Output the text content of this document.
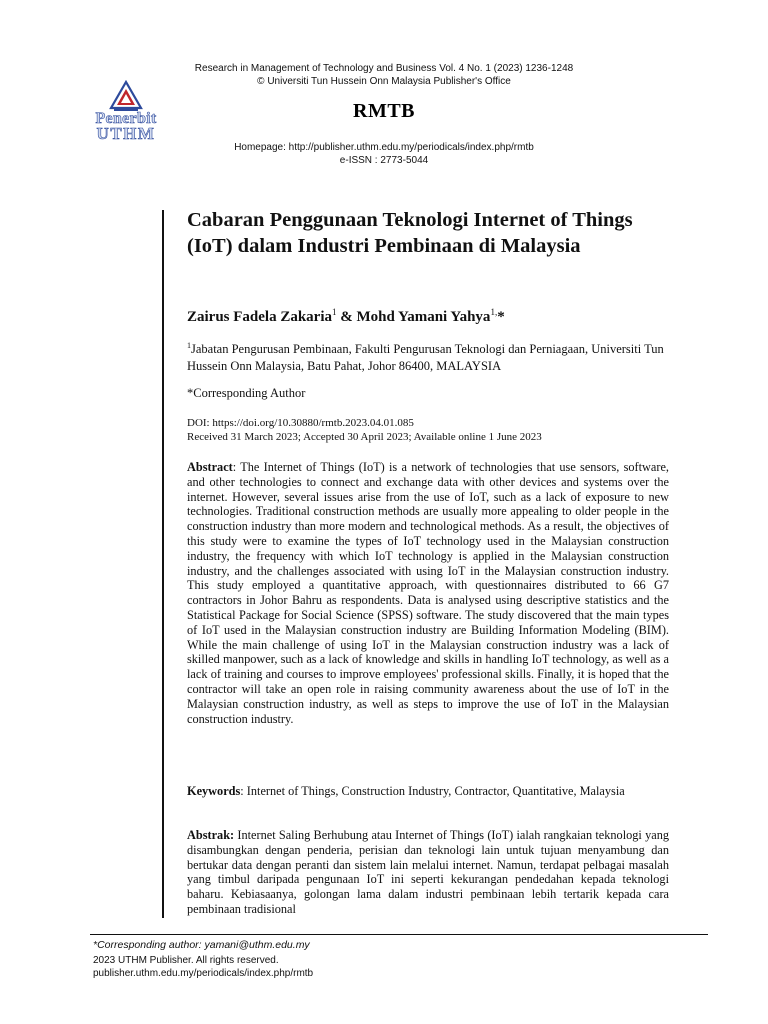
Research in Management of Technology and Business Vol. 4 No. 1 (2023) 1236-1248
© Universiti Tun Hussein Onn Malaysia Publisher's Office
Penerbit
UTHM
RMTB
Homepage: http://publisher.uthm.edu.my/periodicals/index.php/rmtb
e-ISSN : 2773-5044
Cabaran Penggunaan Teknologi Internet of Things (IoT) dalam Industri Pembinaan di Malaysia
Zairus Fadela Zakaria$^1$ & Mohd Yamani Yahya$^{1,}$*
$^1$Jabatan Pengurusan Pembinaan, Fakulti Pengurusan Teknologi dan Perniagaan, Universiti Tun Hussein Onn Malaysia, Batu Pahat, Johor 86400, MALAYSIA
*Corresponding Author
DOI: https://doi.org/10.30880/rmtb.2023.04.01.085
Received 31 March 2023; Accepted 30 April 2023; Available online 1 June 2023
Abstract: The Internet of Things (IoT) is a network of technologies that use sensors, software, and other technologies to connect and exchange data with other devices and systems over the internet. However, several issues arise from the use of IoT, such as a lack of exposure to new technologies. Traditional construction methods are usually more appealing to older people in the construction industry than more modern and technological methods. As a result, the objectives of this study were to examine the types of IoT technology used in the Malaysian construction industry, the frequency with which IoT technology is applied in the Malaysian construction industry, and the challenges associated with using IoT in the Malaysian construction industry. This study employed a quantitative approach, with questionnaires distributed to 66 G7 contractors in Johor Bahru as respondents. Data is analysed using descriptive statistics and the Statistical Package for Social Science (SPSS) software. The study discovered that the main types of IoT used in the Malaysian construction industry are Building Information Modeling (BIM). While the main challenge of using IoT in the Malaysian construction industry was a lack of skilled manpower, such as a lack of knowledge and skills in handling IoT technology, as well as a lack of training and courses to improve employees' professional skills. Finally, it is hoped that the contractor will take an open role in raising community awareness about the use of IoT in the Malaysian construction industry, as well as steps to improve the use of IoT in the Malaysian construction industry.
Keywords: Internet of Things, Construction Industry, Contractor, Quantitative, Malaysia
Abstrak: Internet Saling Berhubung atau Internet of Things (IoT) ialah rangkaian teknologi yang disambungkan dengan penderia, perisian dan teknologi lain untuk tujuan menyambung dan bertukar data dengan peranti dan sistem lain melalui internet. Namun, terdapat pelbagai masalah yang timbul daripada pengunaan IoT ini seperti kekurangan pendedahan kepada teknologi baharu. Kebiasaanya, golongan lama dalam industri pembinaan lebih tertarik kepada cara pembinaan tradisional
*Corresponding author: yamani@uthm.edu.my
2023 UTHM Publisher. All rights reserved.
publisher.uthm.edu.my/periodicals/index.php/rmtb
